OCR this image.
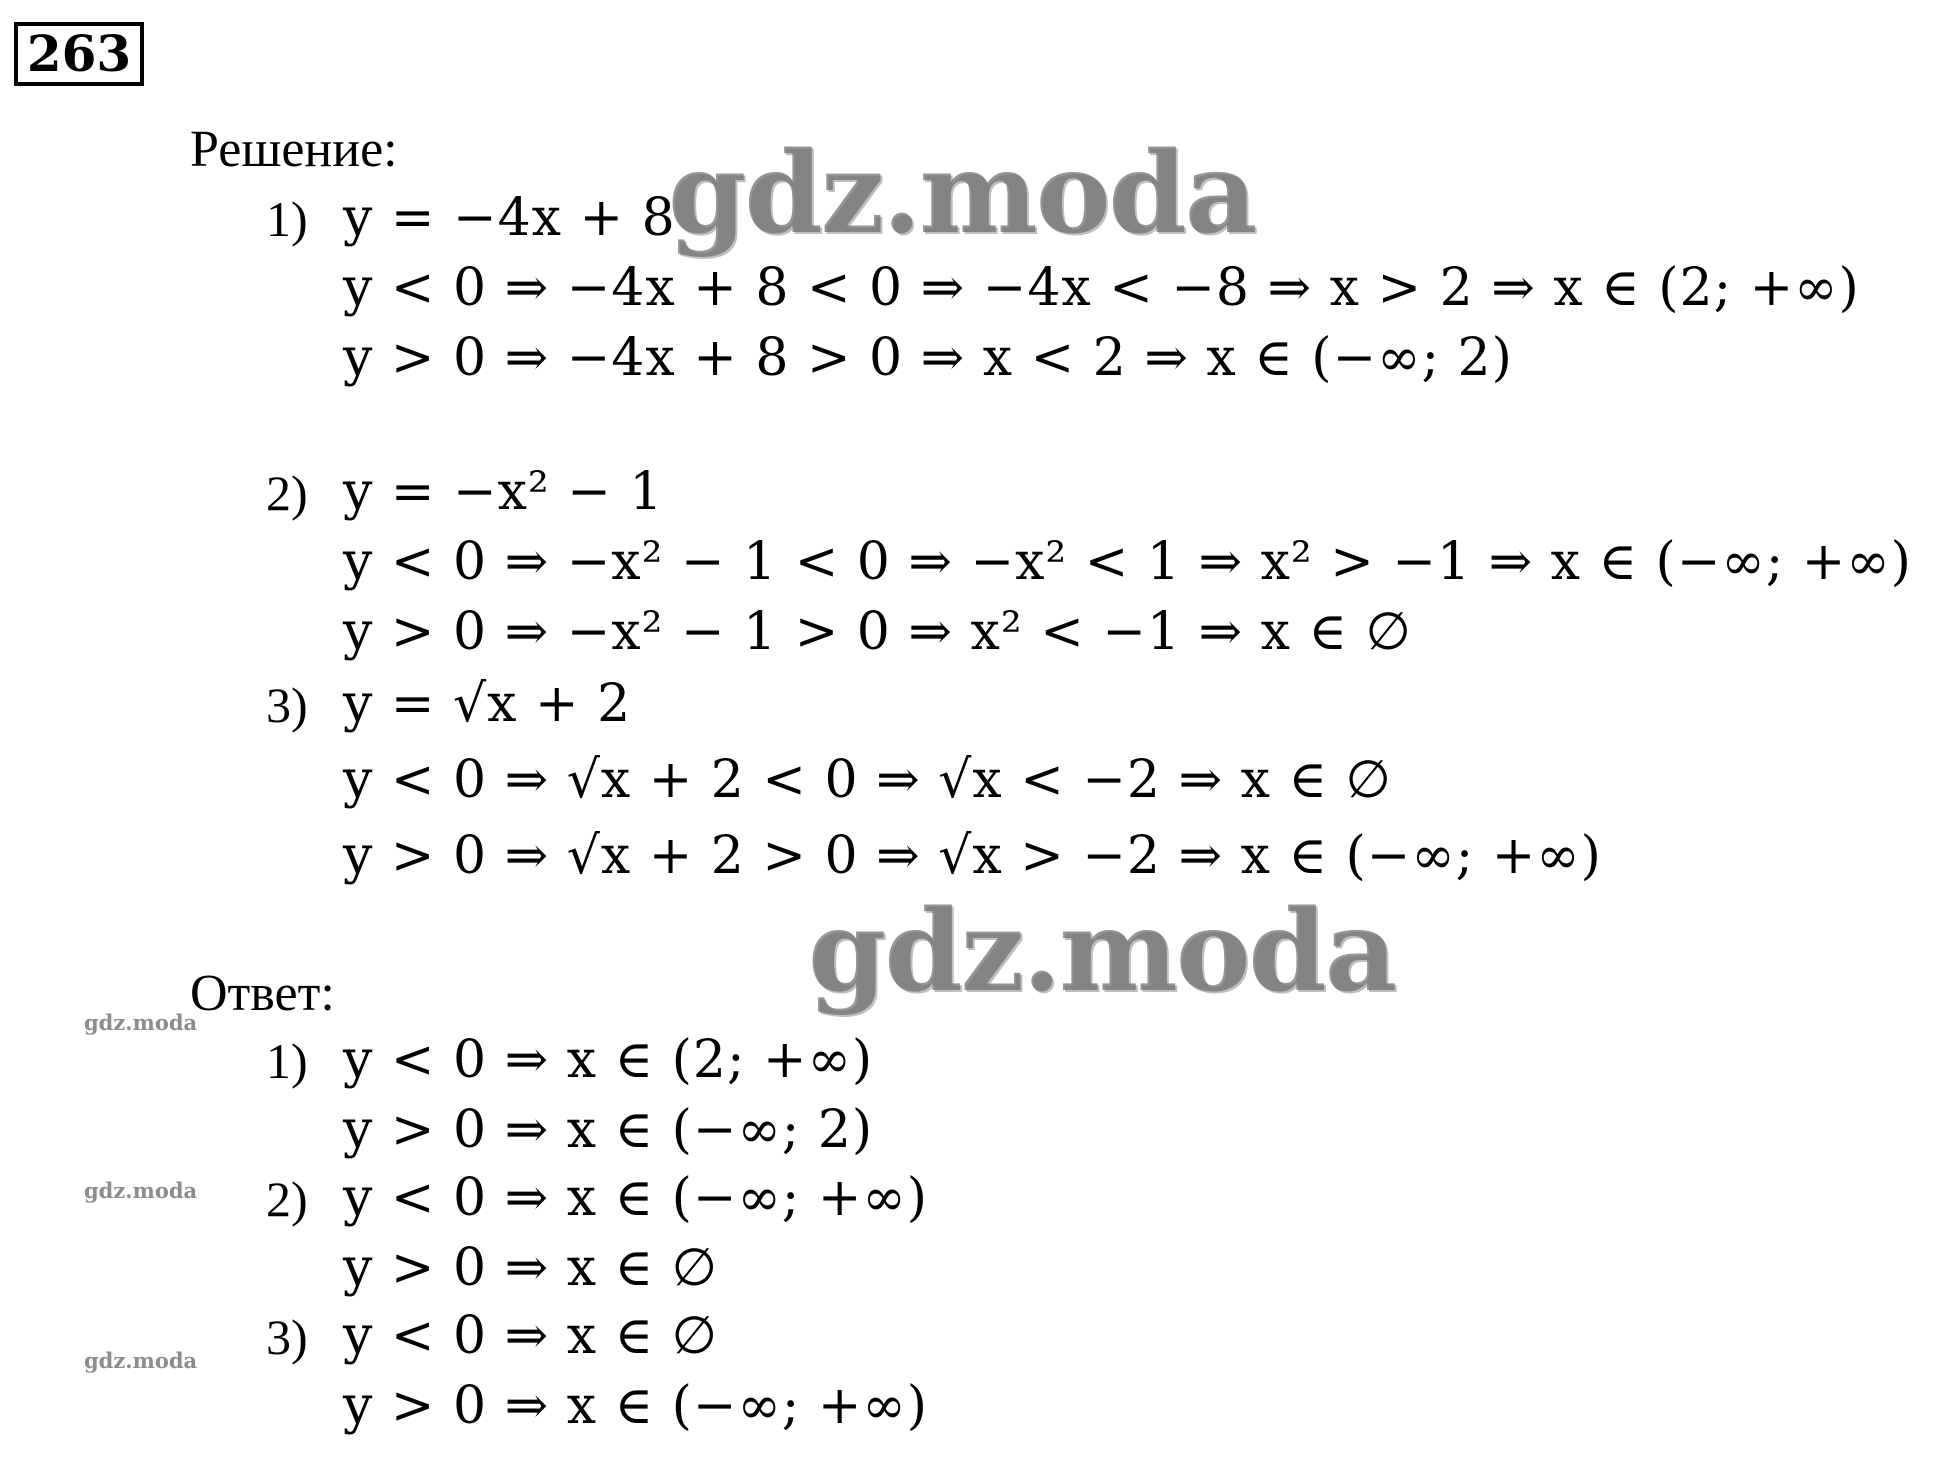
263
Решение:
1) y = −4x + 8
y < 0 ⇒ −4x + 8 < 0 ⇒ −4x < −8 ⇒ x > 2 ⇒ x ∈ (2; +∞)
y > 0 ⇒ −4x + 8 > 0 ⇒ x < 2 ⇒ x ∈ (−∞; 2)
2) y = −x² − 1
y < 0 ⇒ −x² − 1 < 0 ⇒ −x² < 1 ⇒ x² > −1 ⇒ x ∈ (−∞; +∞)
y > 0 ⇒ −x² − 1 > 0 ⇒ x² < −1 ⇒ x ∈ ∅
3) y = √x + 2
y < 0 ⇒ √x + 2 < 0 ⇒ √x < −2 ⇒ x ∈ ∅
y > 0 ⇒ √x + 2 > 0 ⇒ √x > −2 ⇒ x ∈ (−∞; +∞)
Ответ:
1) y < 0 ⇒ x ∈ (2; +∞)
y > 0 ⇒ x ∈ (−∞; 2)
2) y < 0 ⇒ x ∈ (−∞; +∞)
y > 0 ⇒ x ∈ ∅
3) y < 0 ⇒ x ∈ ∅
y > 0 ⇒ x ∈ (−∞; +∞)
gdz.moda
gdz.moda
gdz.moda
gdz.moda
gdz.moda
